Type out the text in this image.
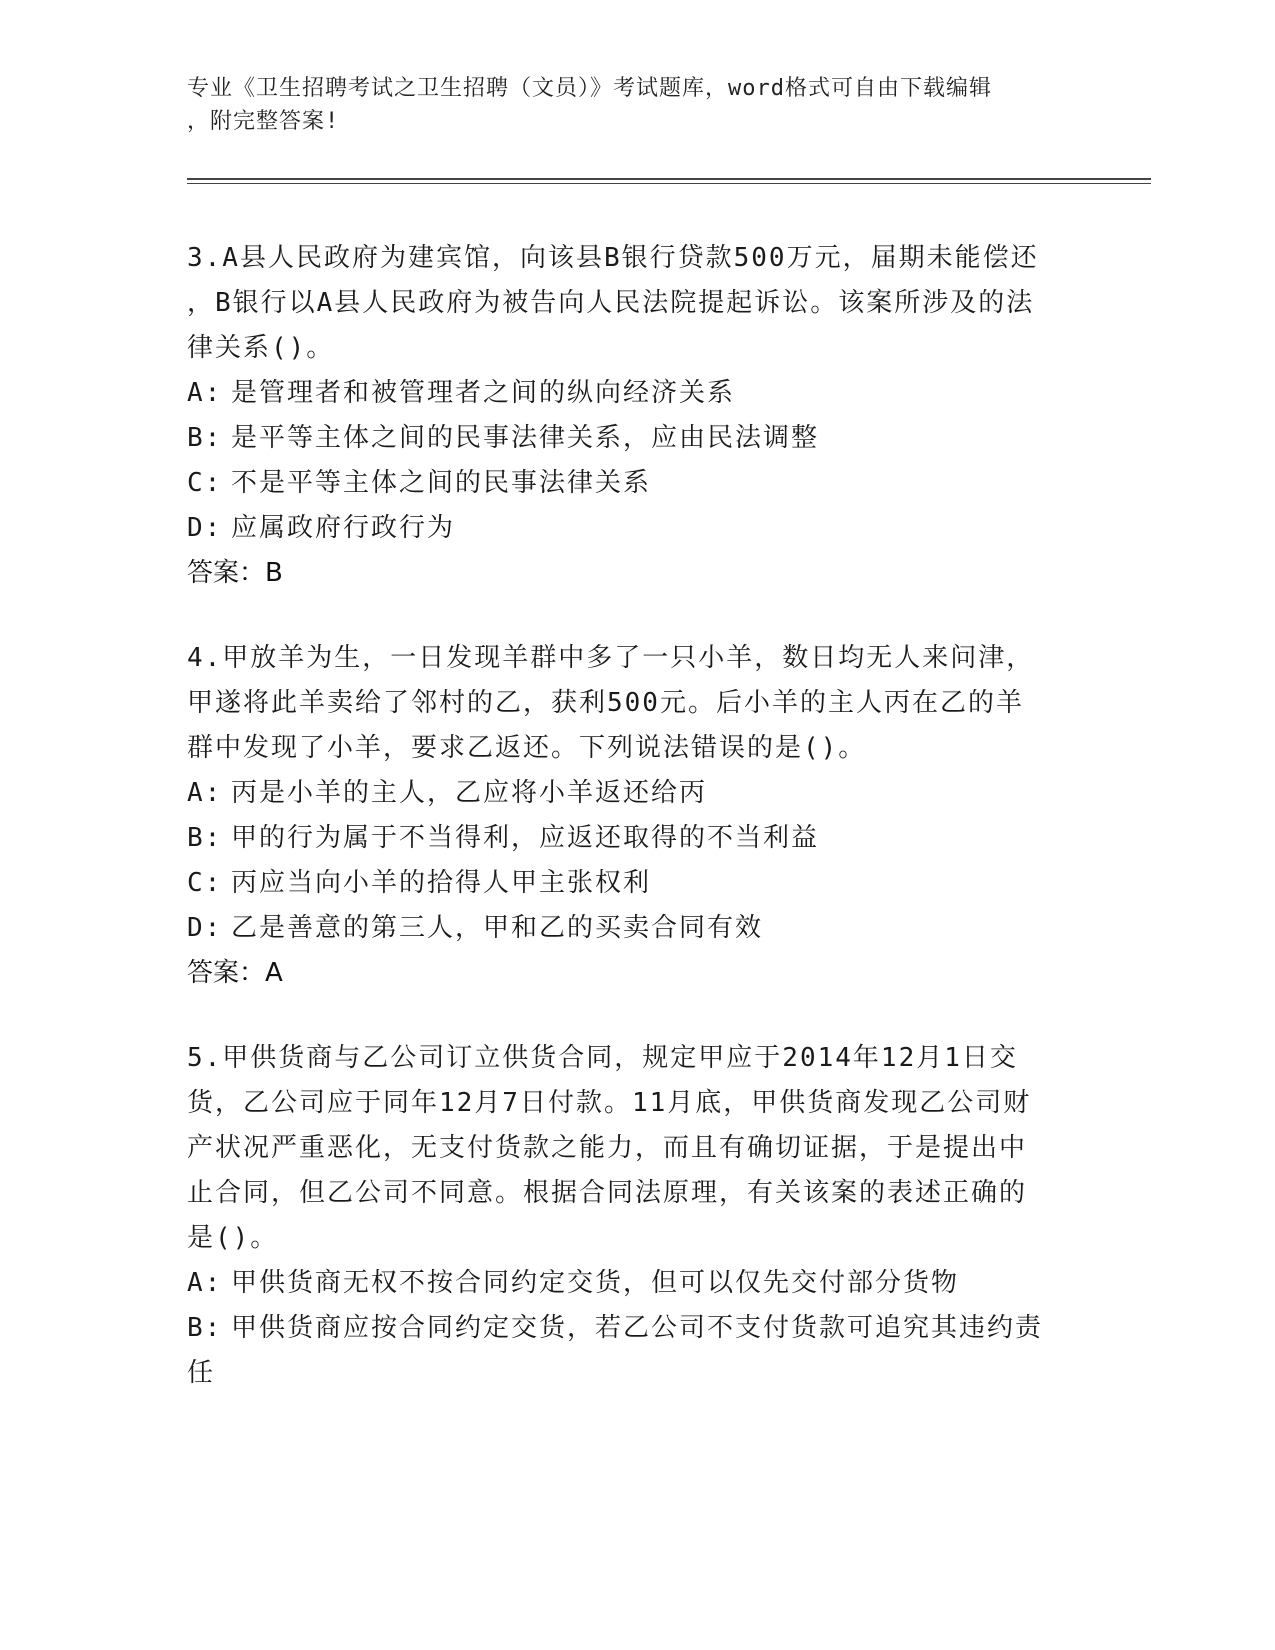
专业《卫生招聘考试之卫生招聘（文员）》考试题库，word格式可自由下载编辑
，附完整答案!
3.A县人民政府为建宾馆，向该县B银行贷款500万元，届期未能偿还
，B银行以A县人民政府为被告向人民法院提起诉讼。该案所涉及的法
律关系()。
A: 是管理者和被管理者之间的纵向经济关系
B: 是平等主体之间的民事法律关系，应由民法调整
C: 不是平等主体之间的民事法律关系
D: 应属政府行政行为
答案：B
4.甲放羊为生，一日发现羊群中多了一只小羊，数日均无人来问津，
甲遂将此羊卖给了邻村的乙，获利500元。后小羊的主人丙在乙的羊
群中发现了小羊，要求乙返还。下列说法错误的是()。
A: 丙是小羊的主人，乙应将小羊返还给丙
B: 甲的行为属于不当得利，应返还取得的不当利益
C: 丙应当向小羊的拾得人甲主张权利
D: 乙是善意的第三人，甲和乙的买卖合同有效
答案：A
5.甲供货商与乙公司订立供货合同，规定甲应于2014年12月1日交
货，乙公司应于同年12月7日付款。11月底，甲供货商发现乙公司财
产状况严重恶化，无支付货款之能力，而且有确切证据，于是提出中
止合同，但乙公司不同意。根据合同法原理，有关该案的表述正确的
是()。
A: 甲供货商无权不按合同约定交货，但可以仅先交付部分货物
B: 甲供货商应按合同约定交货，若乙公司不支付货款可追究其违约责
任
